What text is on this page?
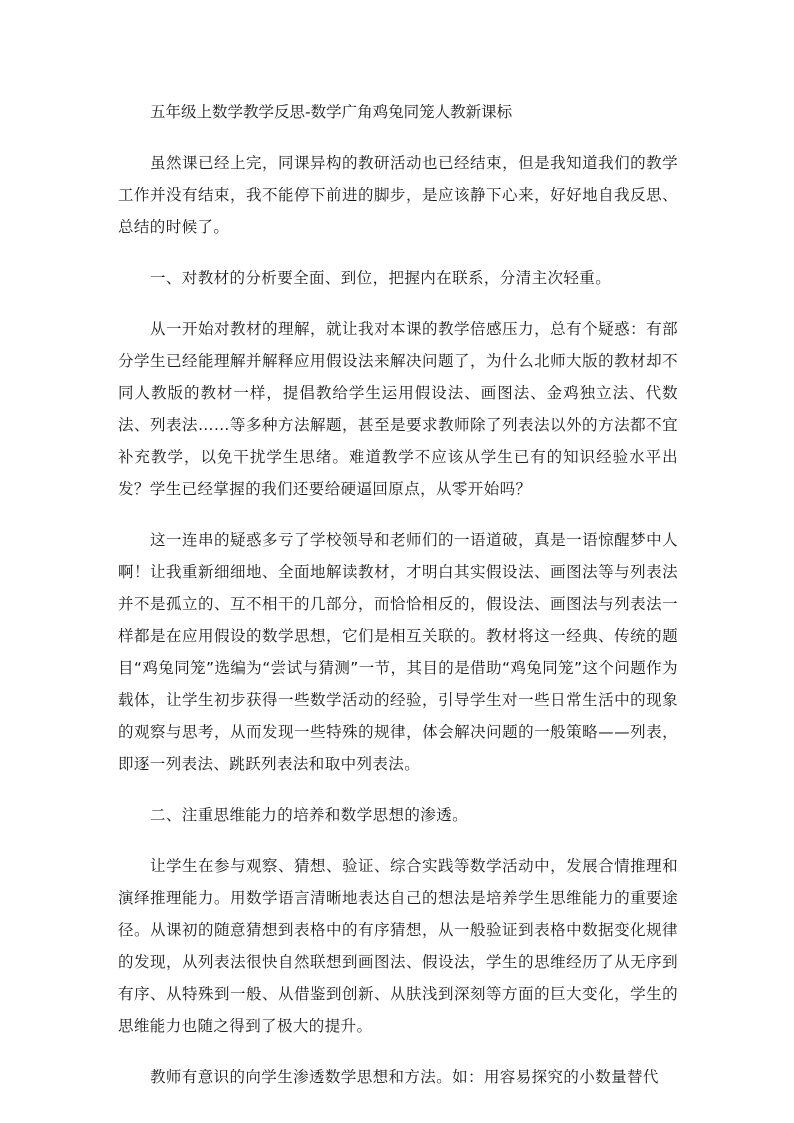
五年级上数学教学反思-数学广角鸡兔同笼人教新课标

虽然课已经上完，同课异构的教研活动也已经结束，但是我知道我们的教学工作并没有结束，我不能停下前进的脚步，是应该静下心来，好好地自我反思、总结的时候了。

一、对教材的分析要全面、到位，把握内在联系，分清主次轻重。

从一开始对教材的理解，就让我对本课的教学倍感压力，总有个疑惑：有部分学生已经能理解并解释应用假设法来解决问题了，为什么北师大版的教材却不同人教版的教材一样，提倡教给学生运用假设法、画图法、金鸡独立法、代数法、列表法……等多种方法解题，甚至是要求教师除了列表法以外的方法都不宜补充教学，以免干扰学生思绪。难道教学不应该从学生已有的知识经验水平出发？学生已经掌握的我们还要给硬逼回原点，从零开始吗？

这一连串的疑惑多亏了学校领导和老师们的一语道破，真是一语惊醒梦中人啊！让我重新细细地、全面地解读教材，才明白其实假设法、画图法等与列表法并不是孤立的、互不相干的几部分，而恰恰相反的，假设法、画图法与列表法一样都是在应用假设的数学思想，它们是相互关联的。教材将这一经典、传统的题目“鸡兔同笼”选编为“尝试与猜测”一节，其目的是借助“鸡兔同笼”这个问题作为载体，让学生初步获得一些数学活动的经验，引导学生对一些日常生活中的现象的观察与思考，从而发现一些特殊的规律，体会解决问题的一般策略——列表，即逐一列表法、跳跃列表法和取中列表法。

二、注重思维能力的培养和数学思想的渗透。

让学生在参与观察、猜想、验证、综合实践等数学活动中，发展合情推理和演绎推理能力。用数学语言清晰地表达自己的想法是培养学生思维能力的重要途径。从课初的随意猜想到表格中的有序猜想，从一般验证到表格中数据变化规律的发现，从列表法很快自然联想到画图法、假设法，学生的思维经历了从无序到有序、从特殊到一般、从借鉴到创新、从肤浅到深刻等方面的巨大变化，学生的思维能力也随之得到了极大的提升。

教师有意识的向学生渗透数学思想和方法。如：用容易探究的小数量替代
